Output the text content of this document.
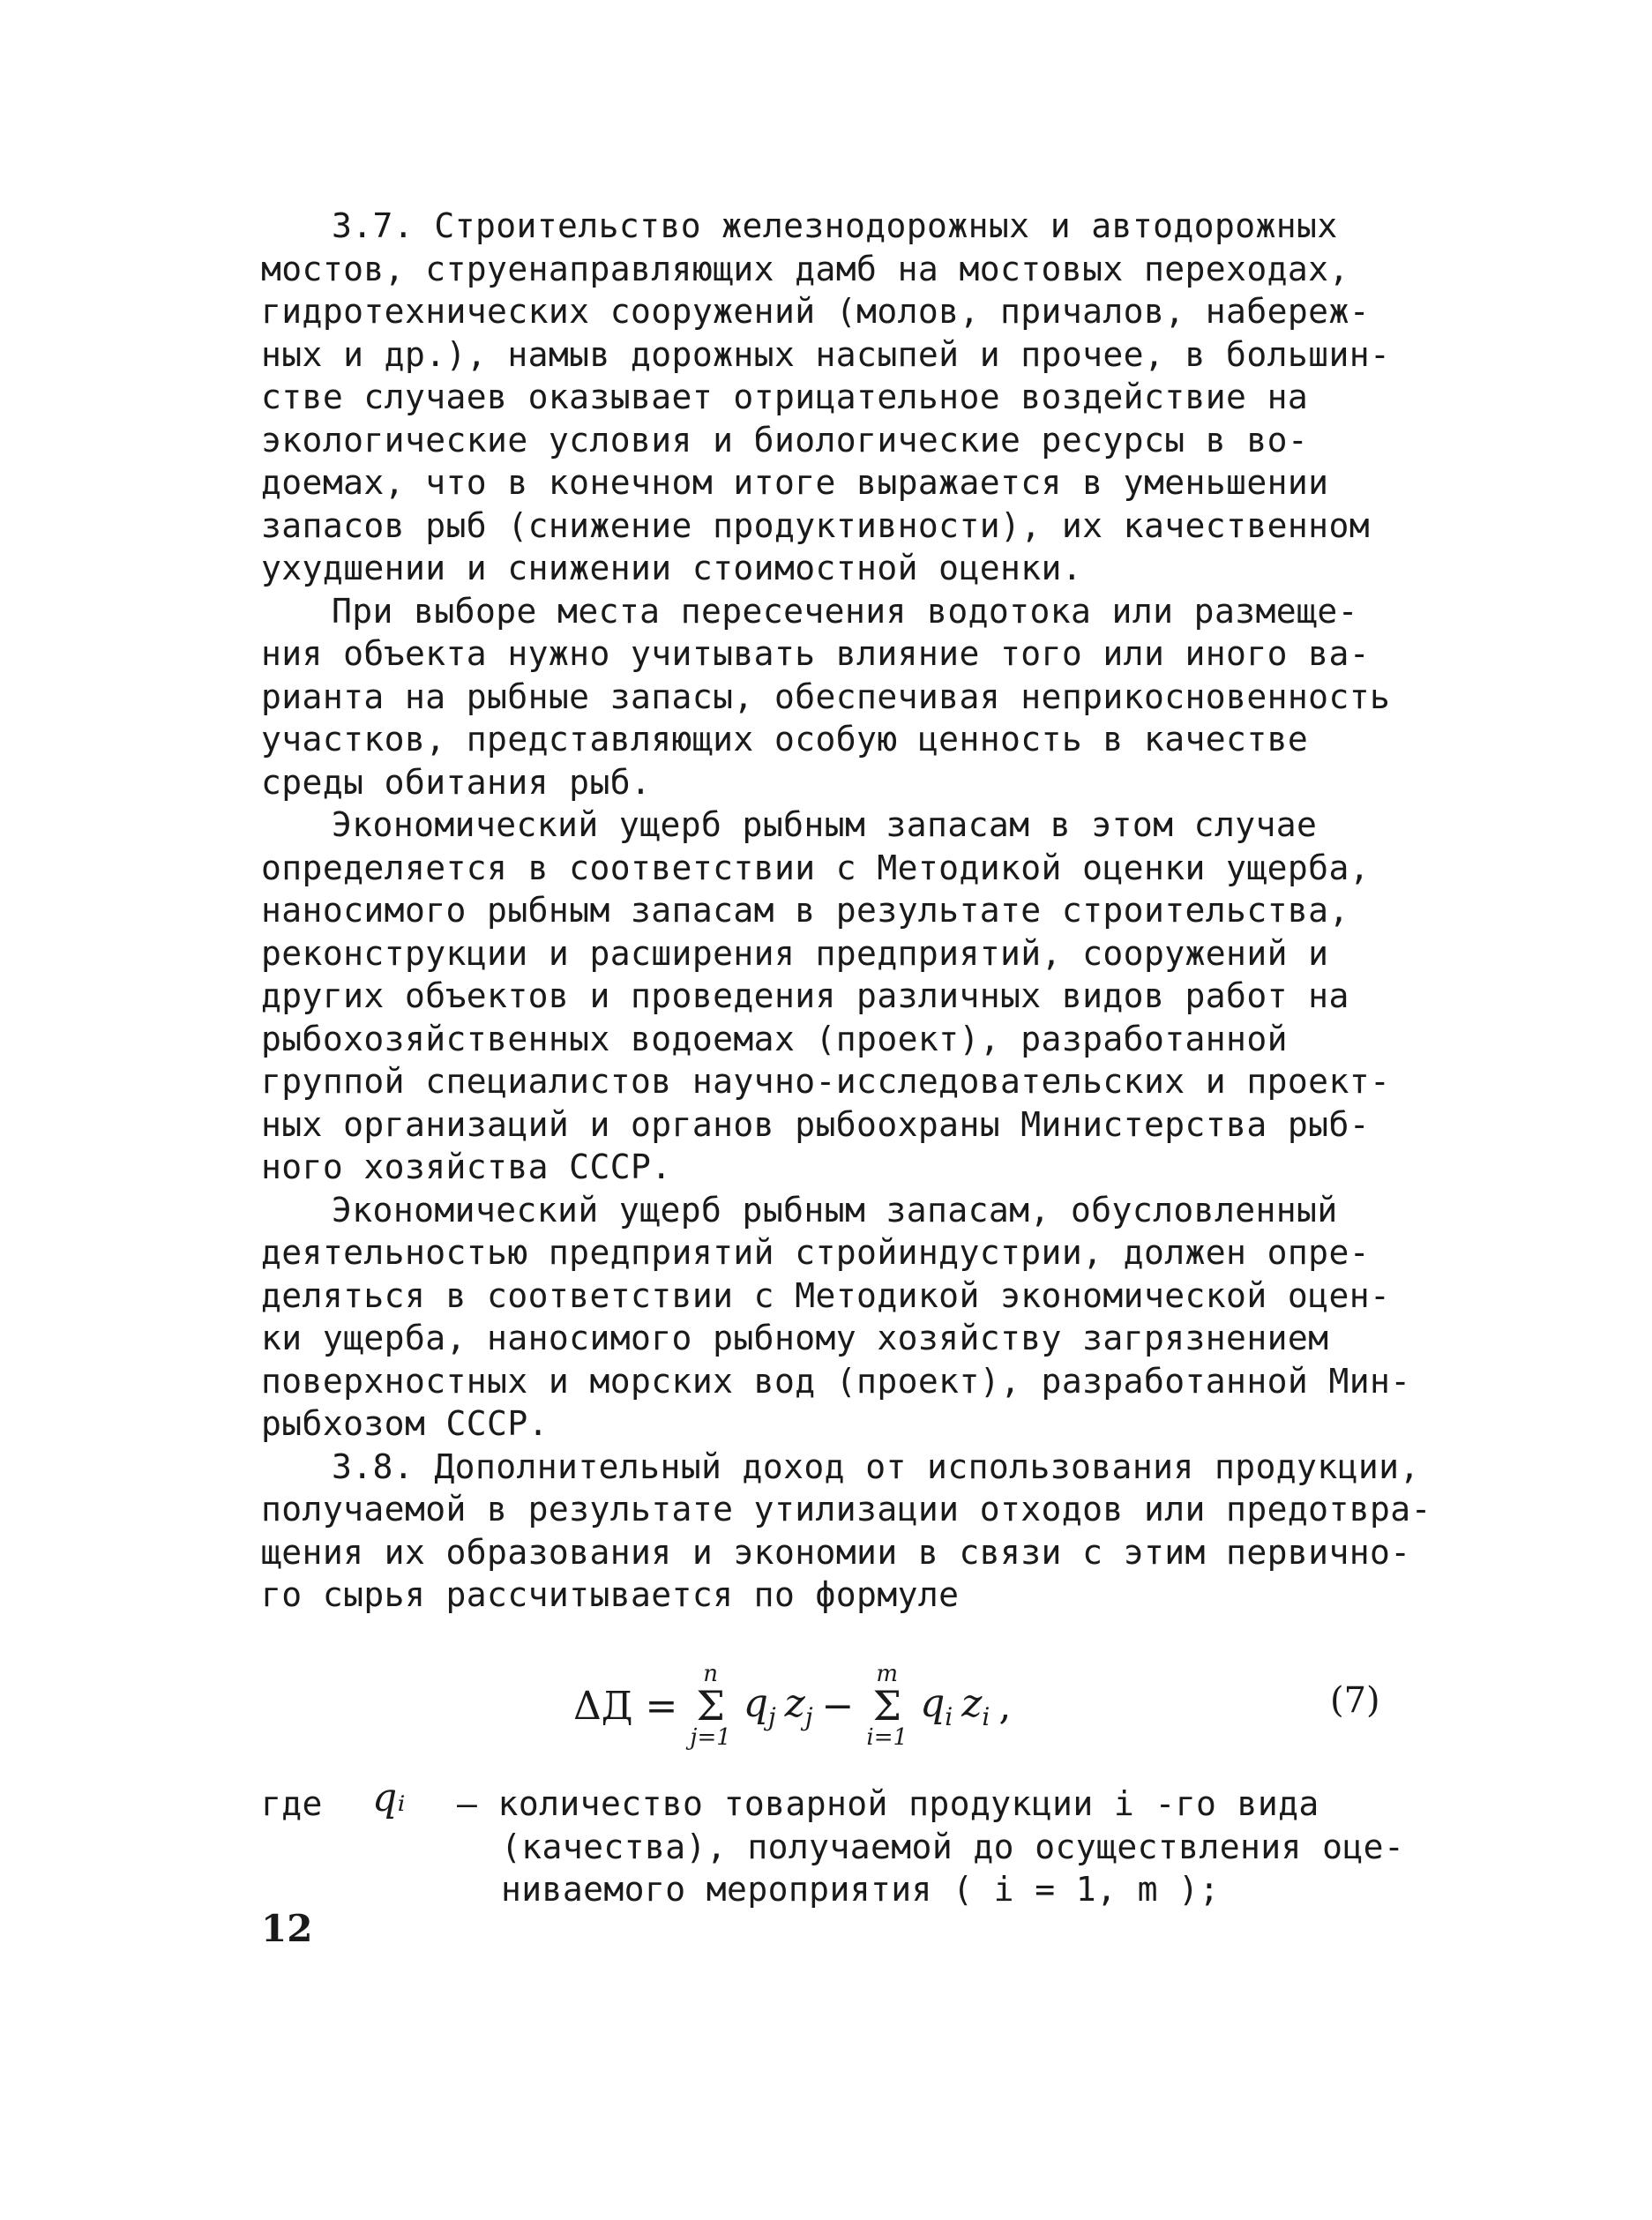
3.7. Строительство железнодорожных и автодорожных
мостов, струенаправляющих дамб на мостовых переходах,
гидротехнических сооружений (молов, причалов, набереж-
ных и др.), намыв дорожных насыпей и прочее, в большин-
стве случаев оказывает отрицательное воздействие на
экологические условия и биологические ресурсы в во-
доемах, что в конечном итоге выражается в уменьшении
запасов рыб (снижение продуктивности), их качественном
ухудшении и снижении стоимостной оценки.

При выборе места пересечения водотока или размеще-
ния объекта нужно учитывать влияние того или иного ва-
рианта на рыбные запасы, обеспечивая неприкосновенность
участков, представляющих особую ценность в качестве
среды обитания рыб.

Экономический ущерб рыбным запасам в этом случае
определяется в соответствии с Методикой оценки ущерба,
наносимого рыбным запасам в результате строительства,
реконструкции и расширения предприятий, сооружений и
других объектов и проведения различных видов работ на
рыбохозяйственных водоемах (проект), разработанной
группой специалистов научно-исследовательских и проект-
ных организаций и органов рыбоохраны Министерства рыб-
ного хозяйства СССР.

Экономический ущерб рыбным запасам, обусловленный
деятельностью предприятий стройиндустрии, должен опре-
деляться в соответствии с Методикой экономической оцен-
ки ущерба, наносимого рыбному хозяйству загрязнением
поверхностных и морских вод (проект), разработанной Мин-
рыбхозом СССР.

3.8. Дополнительный доход от использования продукции,
получаемой в результате утилизации отходов или предотвра-
щения их образования и экономии в связи с этим первично-
го сырья рассчитывается по формуле

ΔД =
n
Σ
j=1
$q_j$ $z_j$ −
m
Σ
i=1
$q_i$ $z_i$ ,	(7)
где qᵢ – количество товарной продукции i -го вида
(качества), получаемой до осуществления оце-
ниваемого мероприятия ( i = 1, m );
12
